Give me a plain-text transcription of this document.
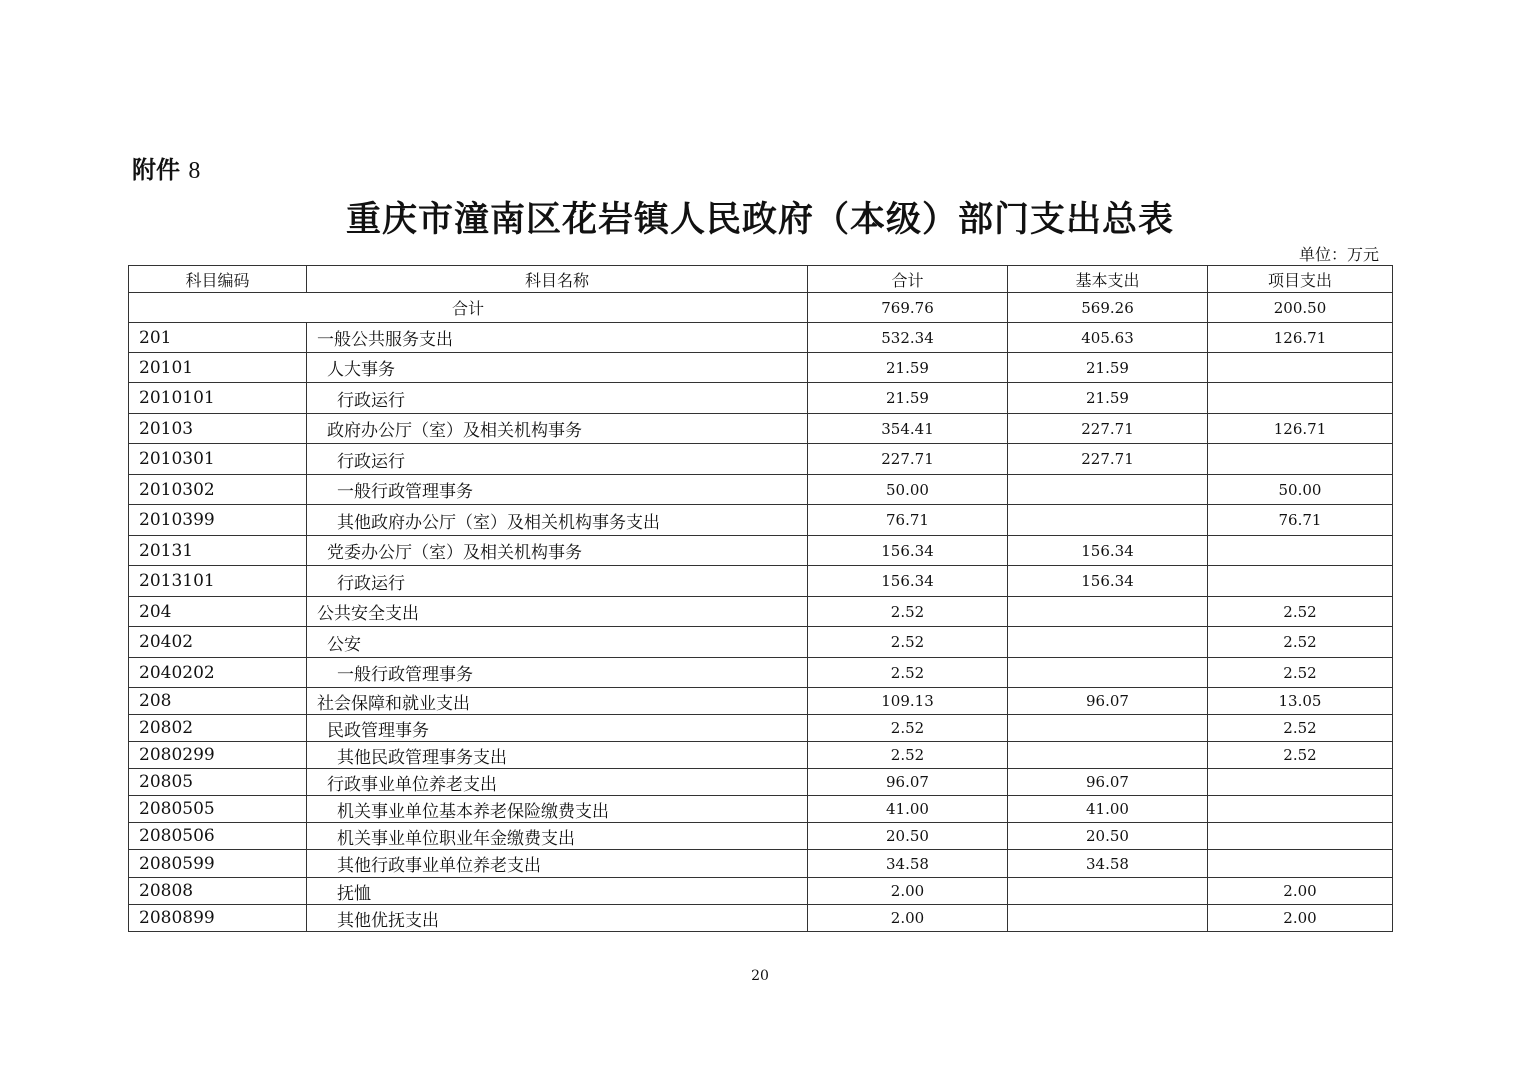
附件 8
重庆市潼南区花岩镇人民政府（本级）部门支出总表
单位：万元
科目编码	科目名称	合计	基本支出	项目支出
合计		769.76	569.26	200.50
201	一般公共服务支出	532.34	405.63	126.71
20101	人大事务	21.59	21.59	
2010101	行政运行	21.59	21.59	
20103	政府办公厅（室）及相关机构事务	354.41	227.71	126.71
2010301	行政运行	227.71	227.71	
2010302	一般行政管理事务	50.00		50.00
2010399	其他政府办公厅（室）及相关机构事务支出	76.71		76.71
20131	党委办公厅（室）及相关机构事务	156.34	156.34	
2013101	行政运行	156.34	156.34	
204	公共安全支出	2.52		2.52
20402	公安	2.52		2.52
2040202	一般行政管理事务	2.52		2.52
208	社会保障和就业支出	109.13	96.07	13.05
20802	民政管理事务	2.52		2.52
2080299	其他民政管理事务支出	2.52		2.52
20805	行政事业单位养老支出	96.07	96.07	
2080505	机关事业单位基本养老保险缴费支出	41.00	41.00	
2080506	机关事业单位职业年金缴费支出	20.50	20.50	
2080599	其他行政事业单位养老支出	34.58	34.58	
20808	抚恤	2.00		2.00
2080899	其他优抚支出	2.00		2.00
20
